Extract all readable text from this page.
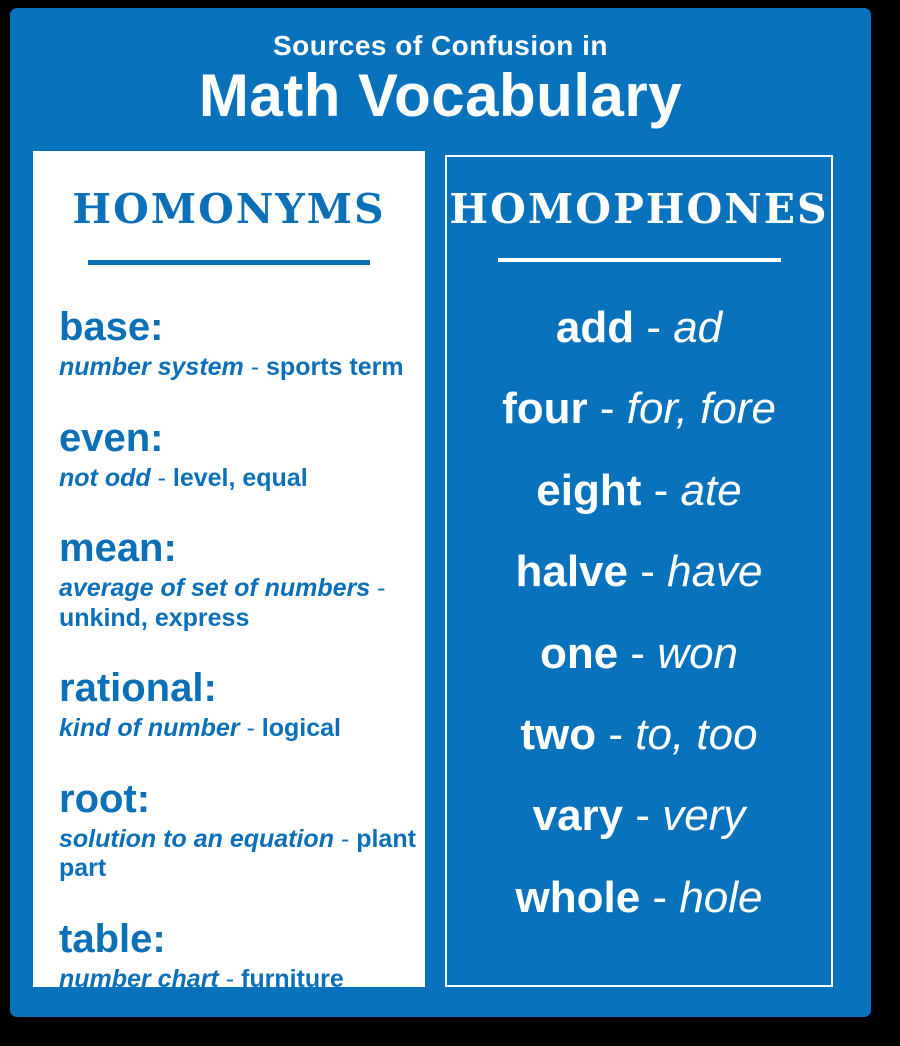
Sources of Confusion in
Math Vocabulary
HOMONYMS
base:
number system - sports term
even:
not odd - level, equal
mean:
average of set of numbers - unkind, express
rational:
kind of number - logical
root:
solution to an equation - plant part
table:
number chart - furniture
HOMOPHONES
add - ad
four - for, fore
eight - ate
halve - have
one - won
two - to, too
vary - very
whole - hole
